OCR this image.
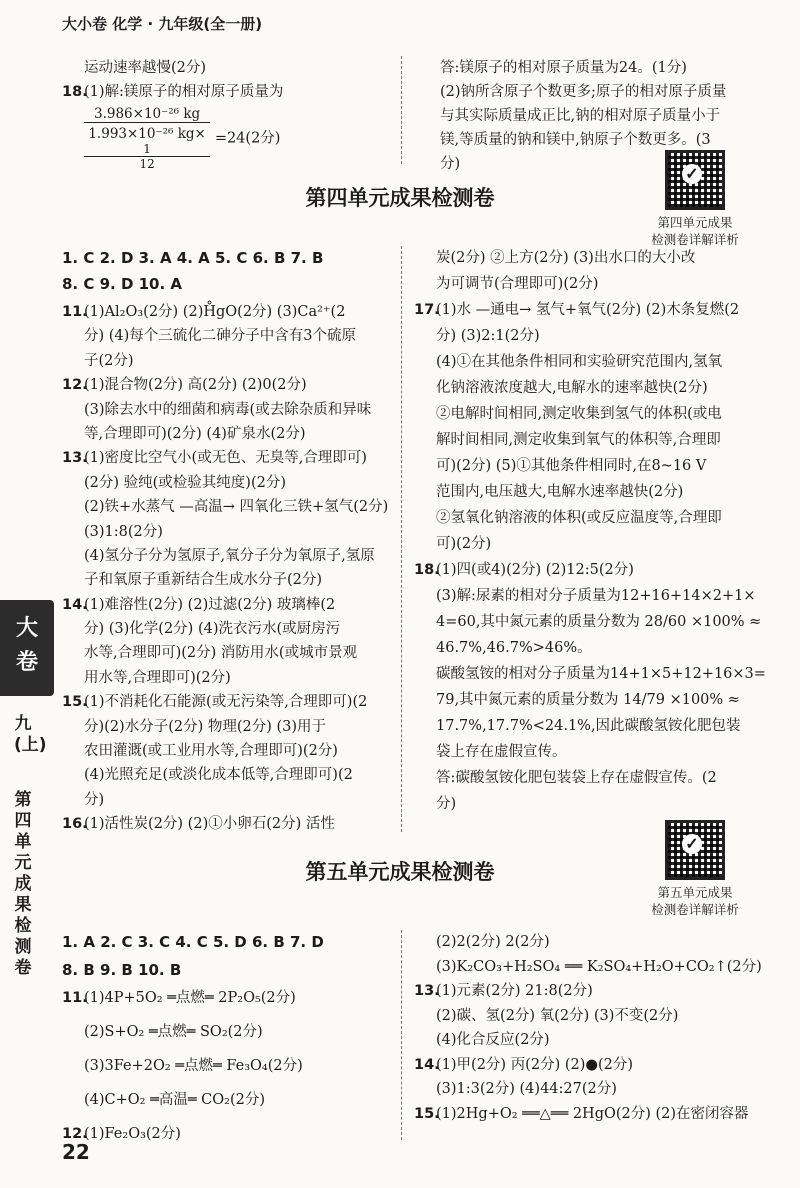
大小卷 化学 · 九年级(全一册)
运动速率越慢(2分)
18.(1)解:镁原子的相对原子质量为
3.986×10⁻²⁶ kg
1.993×10⁻²⁶ kg×
1
12 =24(2分)
答:镁原子的相对原子质量为24。(1分)
(2)钠所含原子个数更多;原子的相对原子质量
与其实际质量成正比,钠的相对原子质量小于
镁,等质量的钠和镁中,钠原子个数更多。(3
分)	✓
第四单元成果检测卷
第四单元成果
检测卷详解详析
1. C 2. D 3. A 4. A 5. C 6. B 7. B
8. C 9. D 10. A
11.(1)Al₂O₃(2分) (2)H̊gO(2分) (3)Ca²⁺(2
分) (4)每个三硫化二砷分子中含有3个硫原
子(2分)
12.(1)混合物(2分) 高(2分) (2)0(2分)
(3)除去水中的细菌和病毒(或去除杂质和异味
等,合理即可)(2分) (4)矿泉水(2分)
13.(1)密度比空气小(或无色、无臭等,合理即可)
(2分) 验纯(或检验其纯度)(2分)
(2)铁+水蒸气 —高温→ 四氧化三铁+氢气(2分)
(3)1:8(2分)
(4)氢分子分为氢原子,氧分子分为氧原子,氢原
子和氧原子重新结合生成水分子(2分)
14.(1)难溶性(2分) (2)过滤(2分) 玻璃棒(2
分) (3)化学(2分) (4)洗衣污水(或厨房污
水等,合理即可)(2分) 消防用水(或城市景观
用水等,合理即可)(2分)
15.(1)不消耗化石能源(或无污染等,合理即可)(2
分)(2)水分子(2分) 物理(2分) (3)用于
农田灌溉(或工业用水等,合理即可)(2分)
(4)光照充足(或淡化成本低等,合理即可)(2
分)
16.(1)活性炭(2分) (2)①小卵石(2分) 活性
炭(2分) ②上方(2分) (3)出水口的大小改
为可调节(合理即可)(2分)
17.(1)水 —通电→ 氢气+氧气(2分) (2)木条复燃(2
分) (3)2:1(2分)
(4)①在其他条件相同和实验研究范围内,氢氧
化钠溶液浓度越大,电解水的速率越快(2分)
②电解时间相同,测定收集到氢气的体积(或电
解时间相同,测定收集到氧气的体积等,合理即
可)(2分) (5)①其他条件相同时,在8~16 V
范围内,电压越大,电解水速率越快(2分)
②氢氧化钠溶液的体积(或反应温度等,合理即
可)(2分)
18.(1)四(或4)(2分) (2)12:5(2分)
(3)解:尿素的相对分子质量为12+16+14×2+1×
4=60,其中氮元素的质量分数为 28/60 ×100% ≈
46.7%,46.7%>46%。
碳酸氢铵的相对分子质量为14+1×5+12+16×3=
79,其中氮元素的质量分数为 14/79 ×100% ≈
17.7%,17.7%<24.1%,因此碳酸氢铵化肥包装
袋上存在虚假宣传。
答:碳酸氢铵化肥包装袋上存在虚假宣传。(2
分)
大
卷
九(上)
第四单元成果检测卷
✓
第五单元成果检测卷
第五单元成果
检测卷详解详析
1. A 2. C 3. C 4. C 5. D 6. B 7. D
8. B 9. B 10. B
11.(1)4P+5O₂ ═点燃═ 2P₂O₅(2分)
(2)S+O₂ ═点燃═ SO₂(2分)
(3)3Fe+2O₂ ═点燃═ Fe₃O₄(2分)
(4)C+O₂ ═高温═ CO₂(2分)
12.(1)Fe₂O₃(2分)
(2)2(2分) 2(2分)
(3)K₂CO₃+H₂SO₄ ══ K₂SO₄+H₂O+CO₂↑(2分)
13.(1)元素(2分) 21:8(2分)
(2)碳、氢(2分) 氧(2分) (3)不变(2分)
(4)化合反应(2分)
14.(1)甲(2分) 丙(2分) (2)●(2分)
(3)1:3(2分) (4)44:27(2分)
15.(1)2Hg+O₂ ══△══ 2HgO(2分) (2)在密闭容器
22
